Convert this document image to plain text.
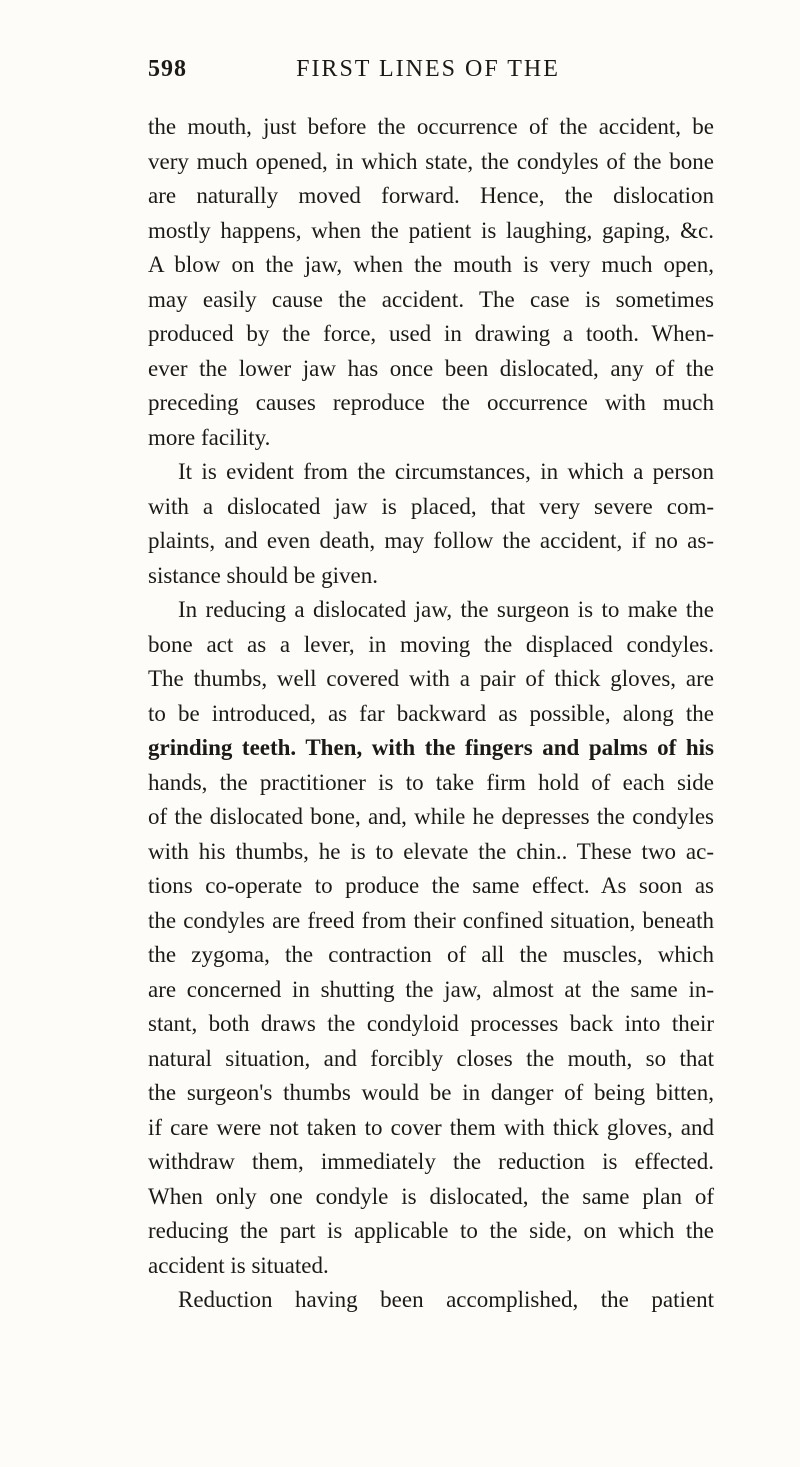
598	FIRST LINES OF THE
the mouth, just before the occurrence of the accident, be
very much opened, in which state, the condyles of the bone
are naturally moved forward. Hence, the dislocation
mostly happens, when the patient is laughing, gaping, &c.
A blow on the jaw, when the mouth is very much open,
may easily cause the accident. The case is sometimes
produced by the force, used in drawing a tooth. When-
ever the lower jaw has once been dislocated, any of the
preceding causes reproduce the occurrence with much
more facility.
It is evident from the circumstances, in which a person
with a dislocated jaw is placed, that very severe com-
plaints, and even death, may follow the accident, if no as-
sistance should be given.
In reducing a dislocated jaw, the surgeon is to make the
bone act as a lever, in moving the displaced condyles.
The thumbs, well covered with a pair of thick gloves, are
to be introduced, as far backward as possible, along the
grinding teeth. Then, with the fingers and palms of his
hands, the practitioner is to take firm hold of each side
of the dislocated bone, and, while he depresses the condyles
with his thumbs, he is to elevate the chin.. These two ac-
tions co-operate to produce the same effect. As soon as
the condyles are freed from their confined situation, beneath
the zygoma, the contraction of all the muscles, which
are concerned in shutting the jaw, almost at the same in-
stant, both draws the condyloid processes back into their
natural situation, and forcibly closes the mouth, so that
the surgeon's thumbs would be in danger of being bitten,
if care were not taken to cover them with thick gloves, and
withdraw them, immediately the reduction is effected.
When only one condyle is dislocated, the same plan of
reducing the part is applicable to the side, on which the
accident is situated.
Reduction having been accomplished, the patient
